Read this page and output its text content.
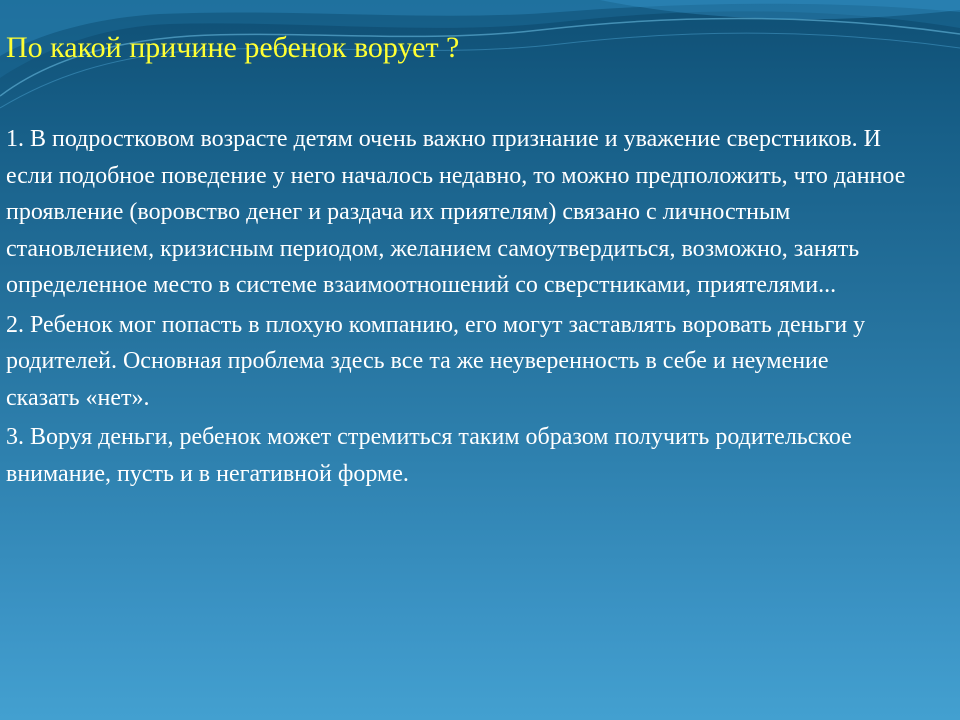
По какой причине ребенок ворует ?

1. В подростковом возрасте детям очень важно признание и уважение сверстников. И если подобное поведение у него началось недавно, то можно предположить, что данное проявление (воровство денег и раздача их приятелям) связано с личностным становлением, кризисным периодом, желанием самоутвердиться, возможно, занять определенное место в системе взаимоотношений со сверстниками, приятелями...

2. Ребенок мог попасть в плохую компанию, его могут заставлять воровать деньги у родителей. Основная проблема здесь все та же неуверенность в себе и неумение сказать «нет».

3. Воруя деньги, ребенок может стремиться таким образом получить родительское внимание, пусть и в негативной форме.
